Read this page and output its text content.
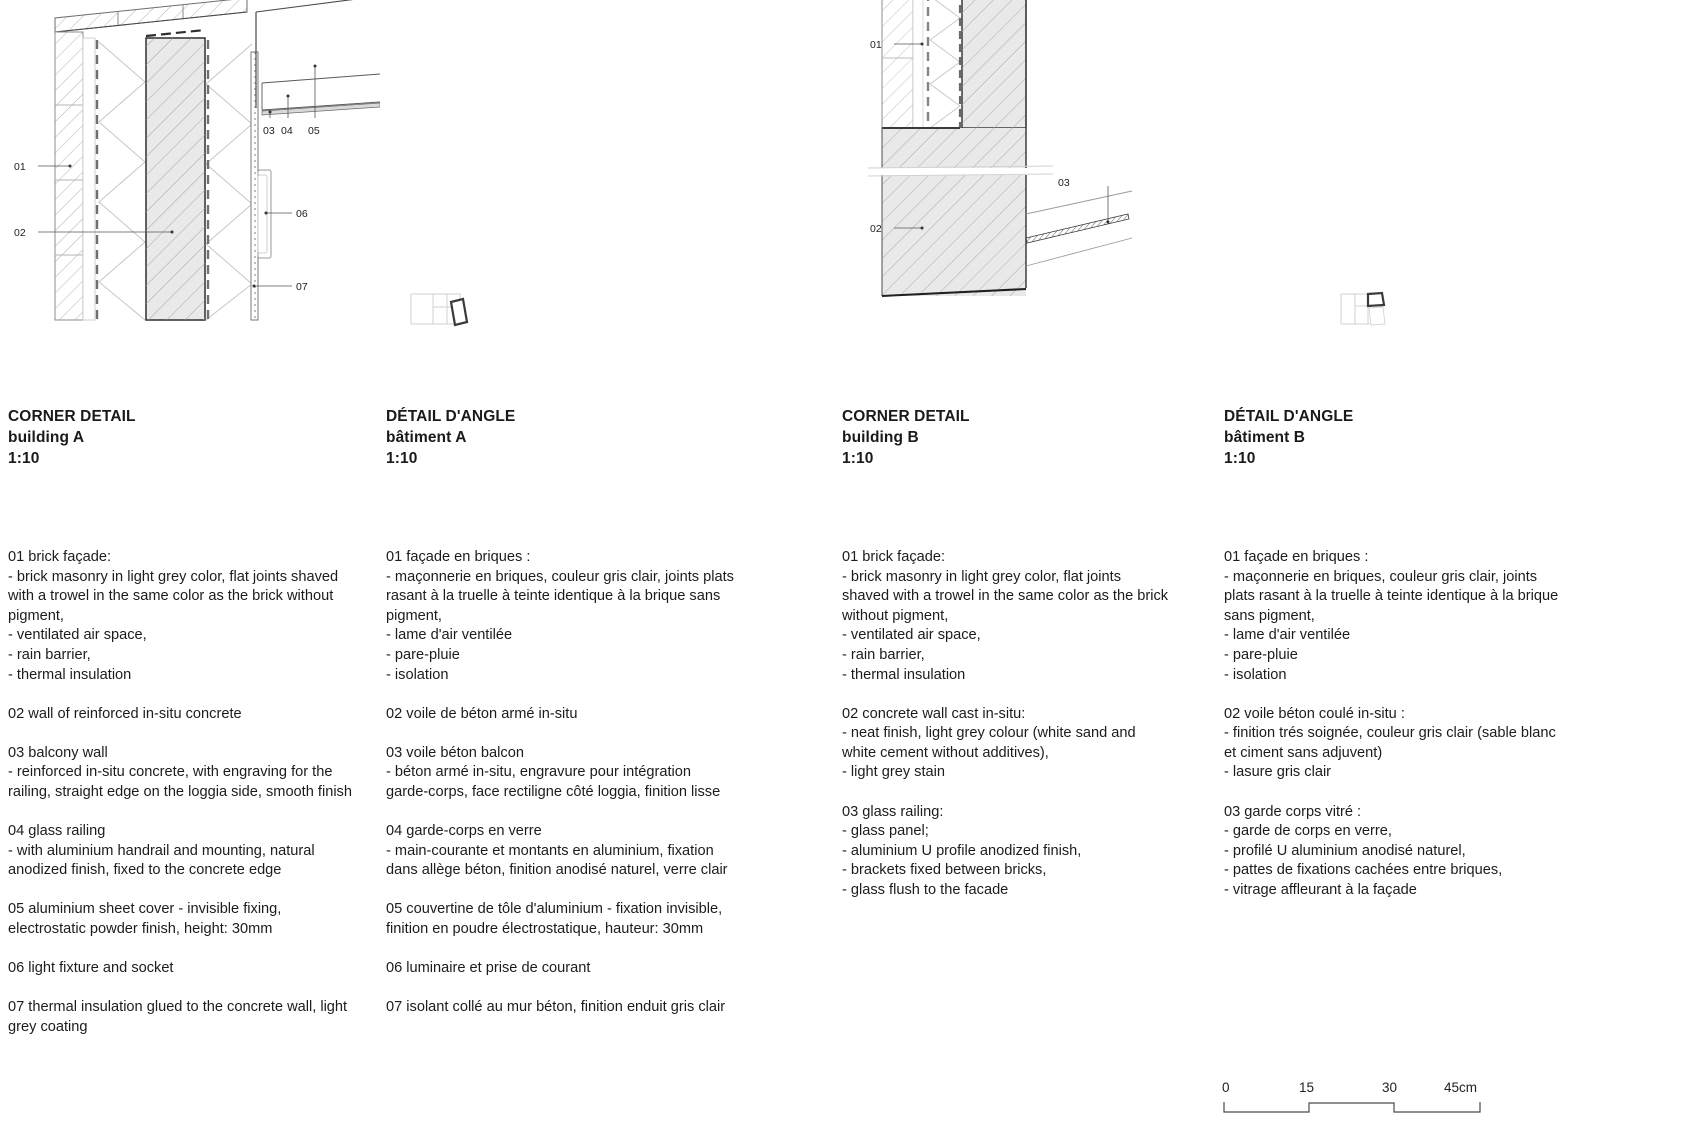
01
02
06
07
03 04 05
01
02
03
CORNER DETAIL
building A
1:10
DÉTAIL D'ANGLE
bâtiment A
1:10
CORNER DETAIL
building B
1:10
DÉTAIL D'ANGLE
bâtiment B
1:10
01 brick façade:
- brick masonry in light grey color, flat joints shaved with a trowel in the same color as the brick without pigment,
- ventilated air space,
- rain barrier,
- thermal insulation
02 wall of reinforced in-situ concrete
03 balcony wall
- reinforced in-situ concrete, with engraving for the railing, straight edge on the loggia side, smooth finish
04 glass railing
- with aluminium handrail and mounting, natural anodized finish, fixed to the concrete edge
05 aluminium sheet cover - invisible fixing, electrostatic powder finish, height: 30mm
06 light fixture and socket
07 thermal insulation glued to the concrete wall, light grey coating
01 façade en briques :
- maçonnerie en briques, couleur gris clair, joints plats rasant à la truelle à teinte identique à la brique sans pigment,
- lame d'air ventilée
- pare-pluie
- isolation
02 voile de béton armé in-situ
03 voile béton balcon
- béton armé in-situ, engravure pour intégration garde-corps, face rectiligne côté loggia, finition lisse
04 garde-corps en verre
- main-courante et montants en aluminium, fixation dans allège béton, finition anodisé naturel, verre clair
05 couvertine de tôle d'aluminium - fixation invisible, finition en poudre électrostatique, hauteur: 30mm
06 luminaire et prise de courant
07 isolant collé au mur béton, finition enduit gris clair
01 brick façade:
- brick masonry in light grey color, flat joints shaved with a trowel in the same color as the brick without pigment,
- ventilated air space,
- rain barrier,
- thermal insulation
02 concrete wall cast in-situ:
- neat finish, light grey colour (white sand and white cement without additives),
- light grey stain
03 glass railing:
- glass panel;
- aluminium U profile anodized finish,
- brackets fixed between bricks,
- glass flush to the facade
01 façade en briques :
- maçonnerie en briques, couleur gris clair, joints plats rasant à la truelle à teinte identique à la brique sans pigment,
- lame d'air ventilée
- pare-pluie
- isolation
02 voile béton coulé in-situ :
- finition trés soignée, couleur gris clair (sable blanc et ciment sans adjuvent)
- lasure gris clair
03 garde corps vitré :
- garde de corps en verre,
- profilé U aluminium anodisé naturel,
- pattes de fixations cachées entre briques,
- vitrage affleurant à la façade
0	15	30	45cm
